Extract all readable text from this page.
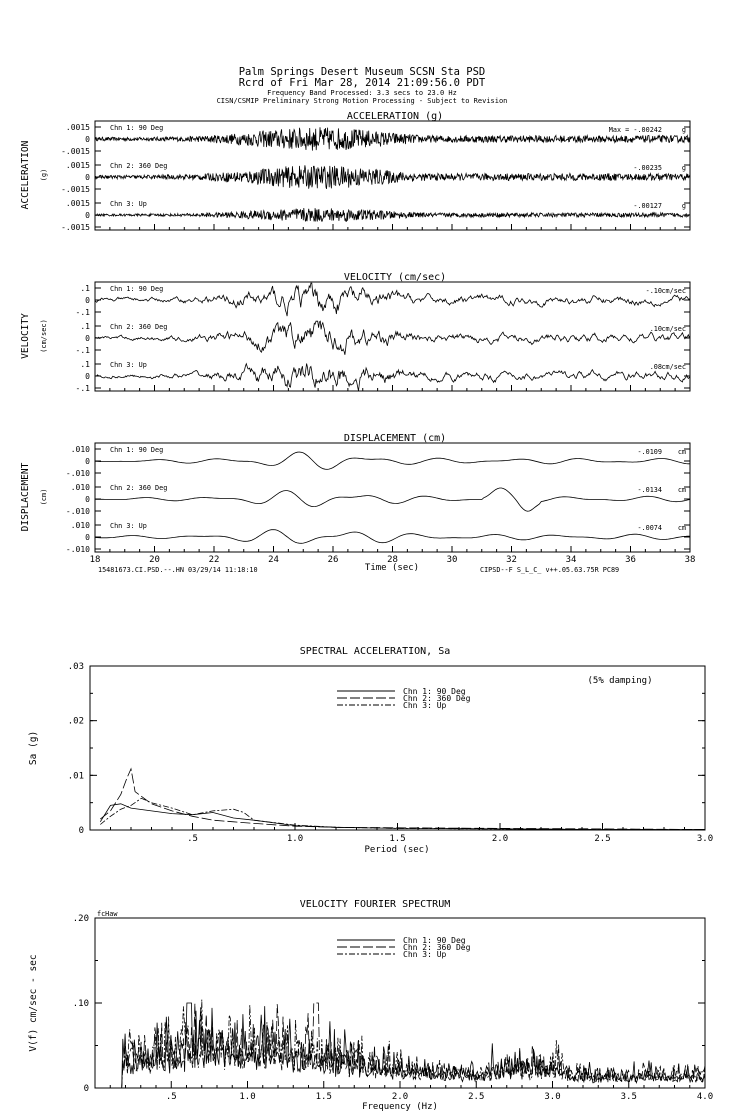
Palm Springs Desert Museum SCSN Sta PSD
Rcrd of Fri Mar 28, 2014 21:09:56.0 PDT
Frequency Band Processed: 3.3 secs to 23.0 Hz
CISN/CSMIP Preliminary Strong Motion Processing - Subject to Revision
ACCELERATION (g)
VELOCITY (cm/sec)
DISPLACEMENT (cm)
ACCELERATION (g)
VELOCITY (cm/sec)
DISPLACEMENT (cm)
.0015
0
-.0015
Chn 1: 90 Deg	Max = -.00242	g
.0015
0
-.0015
Chn 2: 360 Deg	-.00235	g
.0015
0
-.0015
Chn 3: Up	-.00127	g
.1
0
-.1
Chn 1: 90 Deg	-.10 cm/sec
.1
0
-.1
Chn 2: 360 Deg	.10 cm/sec
.1
0
-.1
Chn 3: Up	.08 cm/sec
.010
0
-.010
Chn 1: 90 Deg	-.0109 cm
.010
0
-.010
Chn 2: 360 Deg	-.0134 cm
.010
0
-.010
Chn 3: Up	-.0074 cm
18	20	22	24	26	28	30	32	34	36	38
Time (sec)
15481673.CI.PSD.--.HN 03/29/14 11:18:10	CIPSD--F S_L_C_ v++.05.63.75R PC89
SPECTRAL ACCELERATION, Sa
Sa (g)
(5% damping)
Period (sec)
.5	1.0	1.5	2.0	2.5	3.0
.03
.02
.01
0
Chn 1: 90 Deg
Chn 2: 360 Deg
Chn 3: Up
VELOCITY FOURIER SPECTRUM
V(f) cm/sec - sec
fcHaw
Frequency (Hz)
.5	1.0	1.5	2.0	2.5	3.0	3.5	4.0
.20
.10
0
Chn 1: 90 Deg
Chn 2: 360 Deg
Chn 3: Up
